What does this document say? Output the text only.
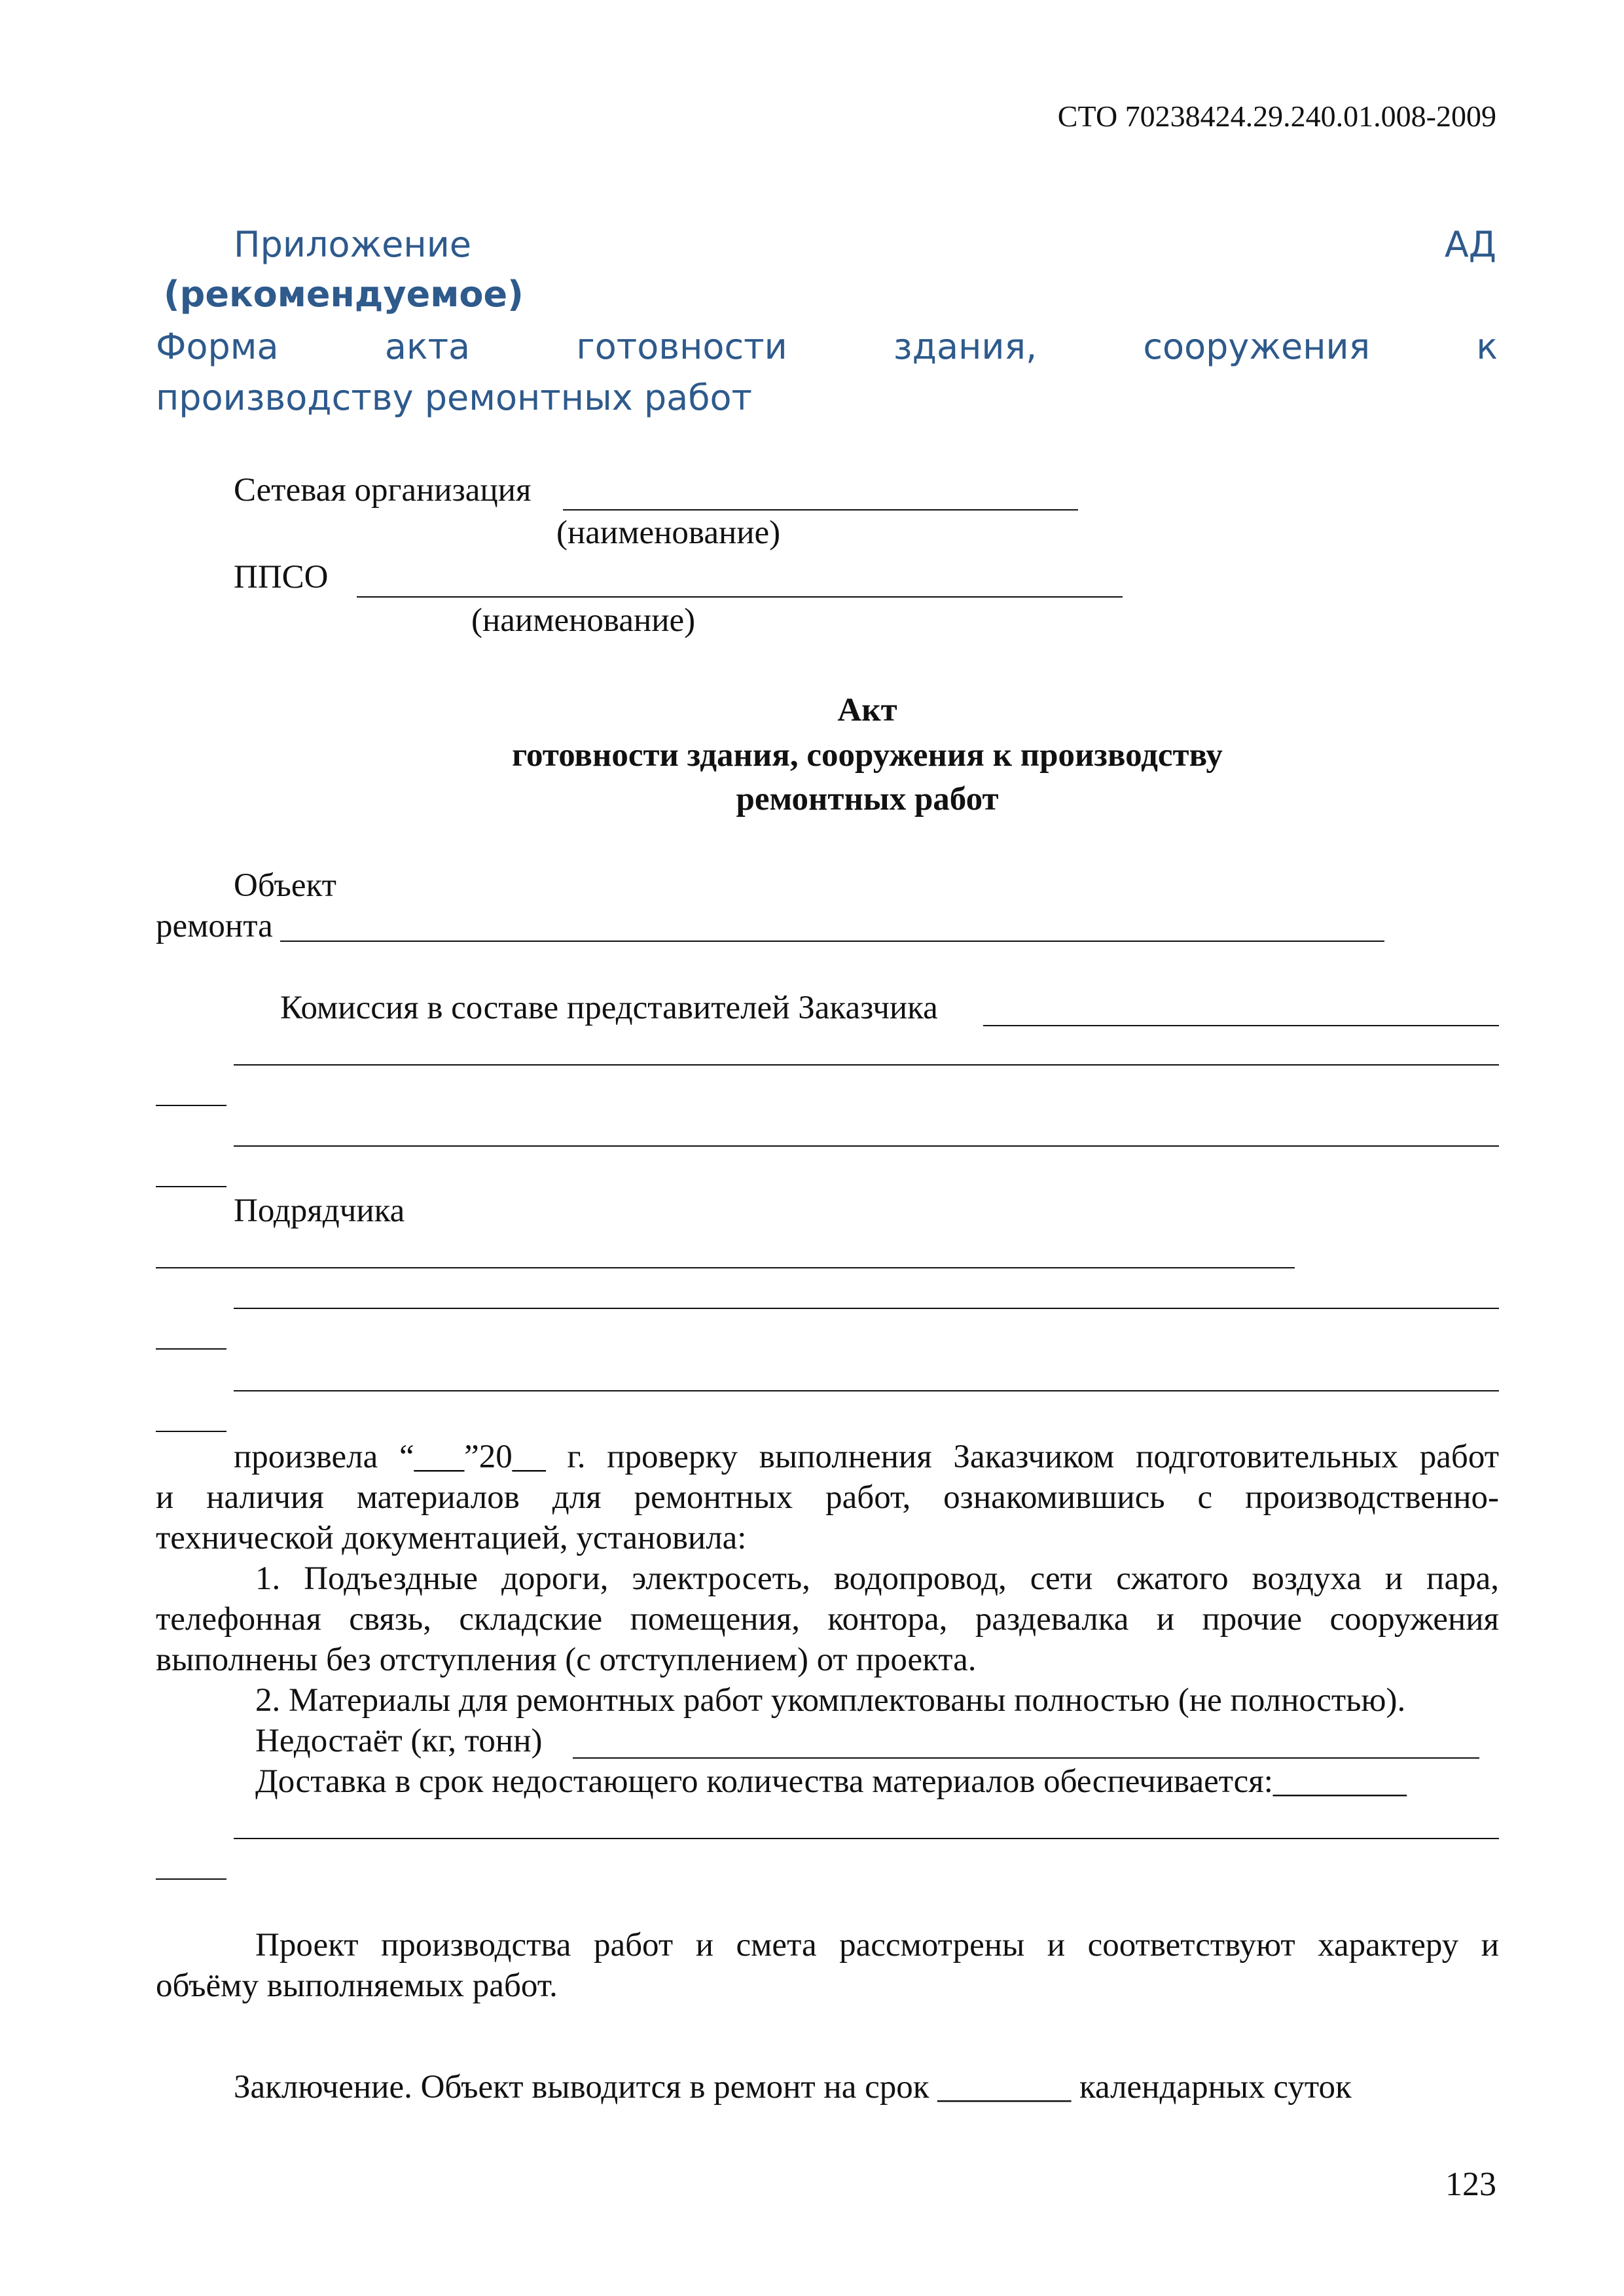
СТО 70238424.29.240.01.008-2009
Приложение	АД
(рекомендуемое)
Форма акта готовности здания, сооружения к
производству ремонтных работ
Сетевая организация
(наименование)
ППСО
(наименование)
Акт
готовности здания, сооружения к производству
ремонтных работ
Объект
ремонта
Комиссия в составе представителей Заказчика
Подрядчика
произвела “___”20__ г. проверку выполнения Заказчиком подготовительных работ
и наличия материалов для ремонтных работ, ознакомившись с производственно-
технической документацией, установила:
1. Подъездные дороги, электросеть, водопровод, сети сжатого воздуха и пара,
телефонная связь, складские помещения, контора, раздевалка и прочие сооружения
выполнены без отступления (с отступлением) от проекта.
2. Материалы для ремонтных работ укомплектованы полностью (не полностью).
Недостаёт (кг, тонн)
Доставка в срок недостающего количества материалов обеспечивается:________
Проект производства работ и смета рассмотрены и соответствуют характеру и
объёму выполняемых работ.
Заключение. Объект выводится в ремонт на срок ________ календарных суток
123
